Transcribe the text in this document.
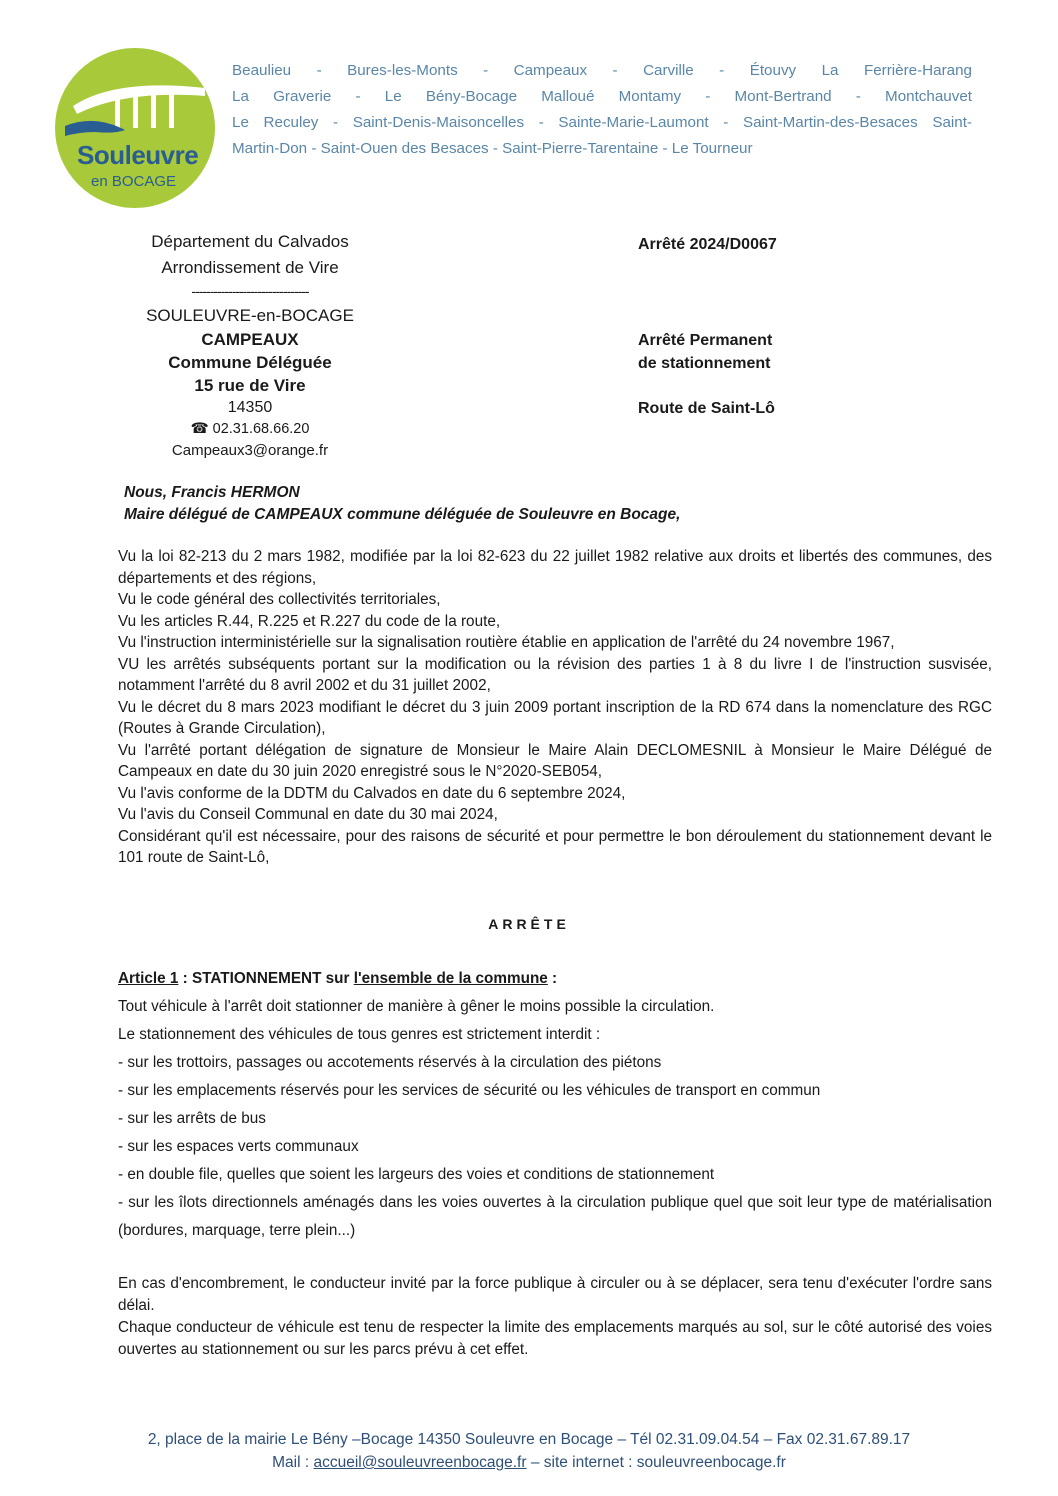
Souleuvre
en BOCAGE
Beaulieu - Bures-les-Monts - Campeaux - Carville - Étouvy La Ferrière-Harang
La Graverie - Le Bény-Bocage Malloué Montamy - Mont-Bertrand - Montchauvet
Le Reculey - Saint-Denis-Maisoncelles - Sainte-Marie-Laumont - Saint-Martin-des-Besaces Saint-
Martin-Don - Saint-Ouen des Besaces - Saint-Pierre-Tarentaine - Le Tourneur
Département du Calvados
Arrondissement de Vire
--------------------------------
SOULEUVRE-en-BOCAGE
CAMPEAUX
Commune Déléguée
15 rue de Vire
14350
☎ 02.31.68.66.20
Campeaux3@orange.fr
Arrêté 2024/D0067
Arrêté Permanent
de stationnement
Route de Saint-Lô
Nous, Francis HERMON
Maire délégué de CAMPEAUX commune déléguée de Souleuvre en Bocage,
Vu la loi 82-213 du 2 mars 1982, modifiée par la loi 82-623 du 22 juillet 1982 relative aux droits et libertés des communes, des départements et des régions,
Vu le code général des collectivités territoriales,
Vu les articles R.44, R.225 et R.227 du code de la route,
Vu l'instruction interministérielle sur la signalisation routière établie en application de l'arrêté du 24 novembre 1967,
VU les arrêtés subséquents portant sur la modification ou la révision des parties 1 à 8 du livre I de l'instruction susvisée, notamment l'arrêté du 8 avril 2002 et du 31 juillet 2002,
Vu le décret du 8 mars 2023 modifiant le décret du 3 juin 2009 portant inscription de la RD 674 dans la nomenclature des RGC (Routes à Grande Circulation),
Vu l'arrêté portant délégation de signature de Monsieur le Maire Alain DECLOMESNIL à Monsieur le Maire Délégué de Campeaux en date du 30 juin 2020 enregistré sous le N°2020-SEB054,
Vu l'avis conforme de la DDTM du Calvados en date du 6 septembre 2024,
Vu l'avis du Conseil Communal en date du 30 mai 2024,
Considérant qu'il est nécessaire, pour des raisons de sécurité et pour permettre le bon déroulement du stationnement devant le 101 route de Saint-Lô,
ARRÊTE
Article 1 : STATIONNEMENT sur l'ensemble de la commune :
Tout véhicule à l'arrêt doit stationner de manière à gêner le moins possible la circulation.
Le stationnement des véhicules de tous genres est strictement interdit :
- sur les trottoirs, passages ou accotements réservés à la circulation des piétons
- sur les emplacements réservés pour les services de sécurité ou les véhicules de transport en commun
- sur les arrêts de bus
- sur les espaces verts communaux
- en double file, quelles que soient les largeurs des voies et conditions de stationnement
- sur les îlots directionnels aménagés dans les voies ouvertes à la circulation publique quel que soit leur type de matérialisation (bordures, marquage, terre plein...)
En cas d'encombrement, le conducteur invité par la force publique à circuler ou à se déplacer, sera tenu d'exécuter l'ordre sans délai.
Chaque conducteur de véhicule est tenu de respecter la limite des emplacements marqués au sol, sur le côté autorisé des voies ouvertes au stationnement ou sur les parcs prévu à cet effet.
2, place de la mairie Le Bény –Bocage 14350 Souleuvre en Bocage – Tél 02.31.09.04.54 – Fax 02.31.67.89.17
Mail : accueil@souleuvreenbocage.fr – site internet : souleuvreenbocage.fr
